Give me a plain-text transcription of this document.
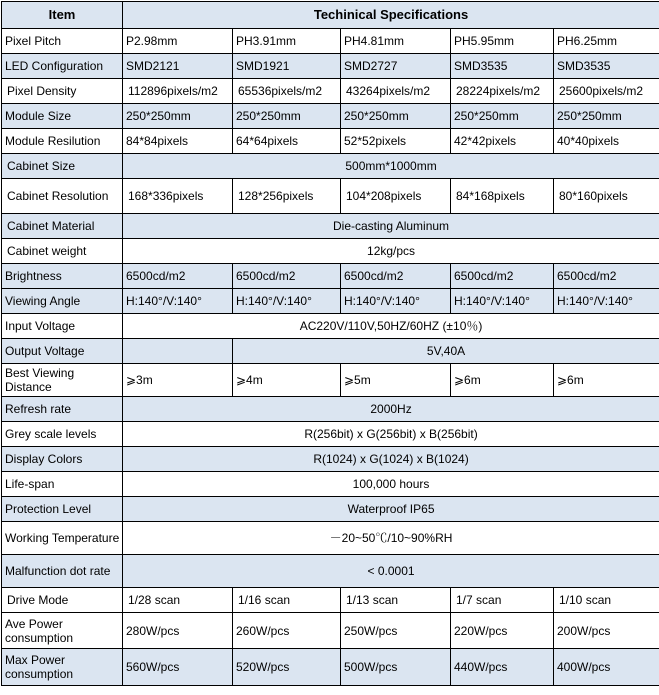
Item	Techinical Specifications				
Pixel Pitch	P2.98mm	PH3.91mm	PH4.81mm	PH5.95mm	PH6.25mm
LED Configuration	SMD2121	SMD1921	SMD2727	SMD3535	SMD3535
Pixel Density	112896pixels/m2	65536pixels/m2	43264pixels/m2	28224pixels/m2	25600pixels/m2
Module Size	250*250mm	250*250mm	250*250mm	250*250mm	250*250mm
Module Resilution	84*84pixels	64*64pixels	52*52pixels	42*42pixels	40*40pixels
Cabinet Size	500mm*1000mm				
Cabinet Resolution	168*336pixels	128*256pixels	104*208pixels	84*168pixels	80*160pixels
Cabinet Material	Die-casting Aluminum				
Cabinet weight	12kg/pcs				
Brightness	6500cd/m2	6500cd/m2	6500cd/m2	6500cd/m2	6500cd/m2
Viewing Angle	H:140°/V:140°	H:140°/V:140°	H:140°/V:140°	H:140°/V:140°	H:140°/V:140°
Input Voltage	AC220V/110V,50HZ/60HZ (±10％)				
Output Voltage		5V,40A			
Best Viewing Distance	⩾3m	⩾4m	⩾5m	⩾6m	⩾6m
Refresh rate	2000Hz				
Grey scale levels	R(256bit) x G(256bit) x B(256bit)				
Display Colors	R(1024) x G(1024) x B(1024)				
Life-span	100,000 hours				
Protection Level	Waterproof IP65				
Working Temperature	－20~50℃/10~90%RH				
Malfunction dot rate	< 0.0001				
Drive Mode	1/28 scan	1/16 scan	1/13 scan	1/7 scan	1/10 scan
Ave Power consumption	280W/pcs	260W/pcs	250W/pcs	220W/pcs	200W/pcs
Max Power consumption	560W/pcs	520W/pcs	500W/pcs	440W/pcs	400W/pcs
